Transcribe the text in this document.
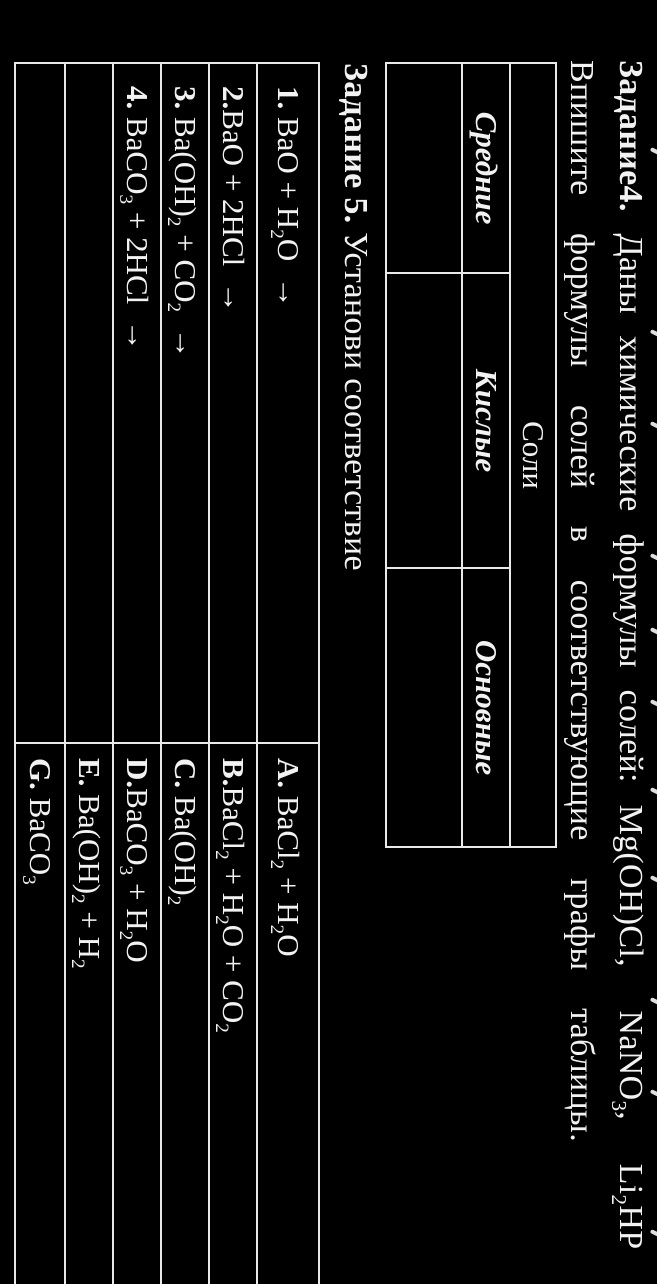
Задание4. Даны химические формулы солей: Mg(OH)Cl,  NaNO$_3$,  $Li_2HP$
Впишите формулы солей в соответствующие графы таблицы.
Соли
Средние
Кислые
Основные
Задание 5. Установи соответствие
1.
BaO + $H_2O$  →
A.
BaCl$_2$ + $H_2O$
2.
BaO + 2HCl  →
B.
BaCl$_2$ + $H_2O + CO_2$
3.
$Ba(OH)_2 + CO_2$  →
C.
$Ba(OH)_2$
4.
BaCO$_3$ + 2HCl  →
D.
BaCO$_3$ + $H_2O$
E.
$Ba(OH)_2 + H_2$
G.
BaCO$_3$
